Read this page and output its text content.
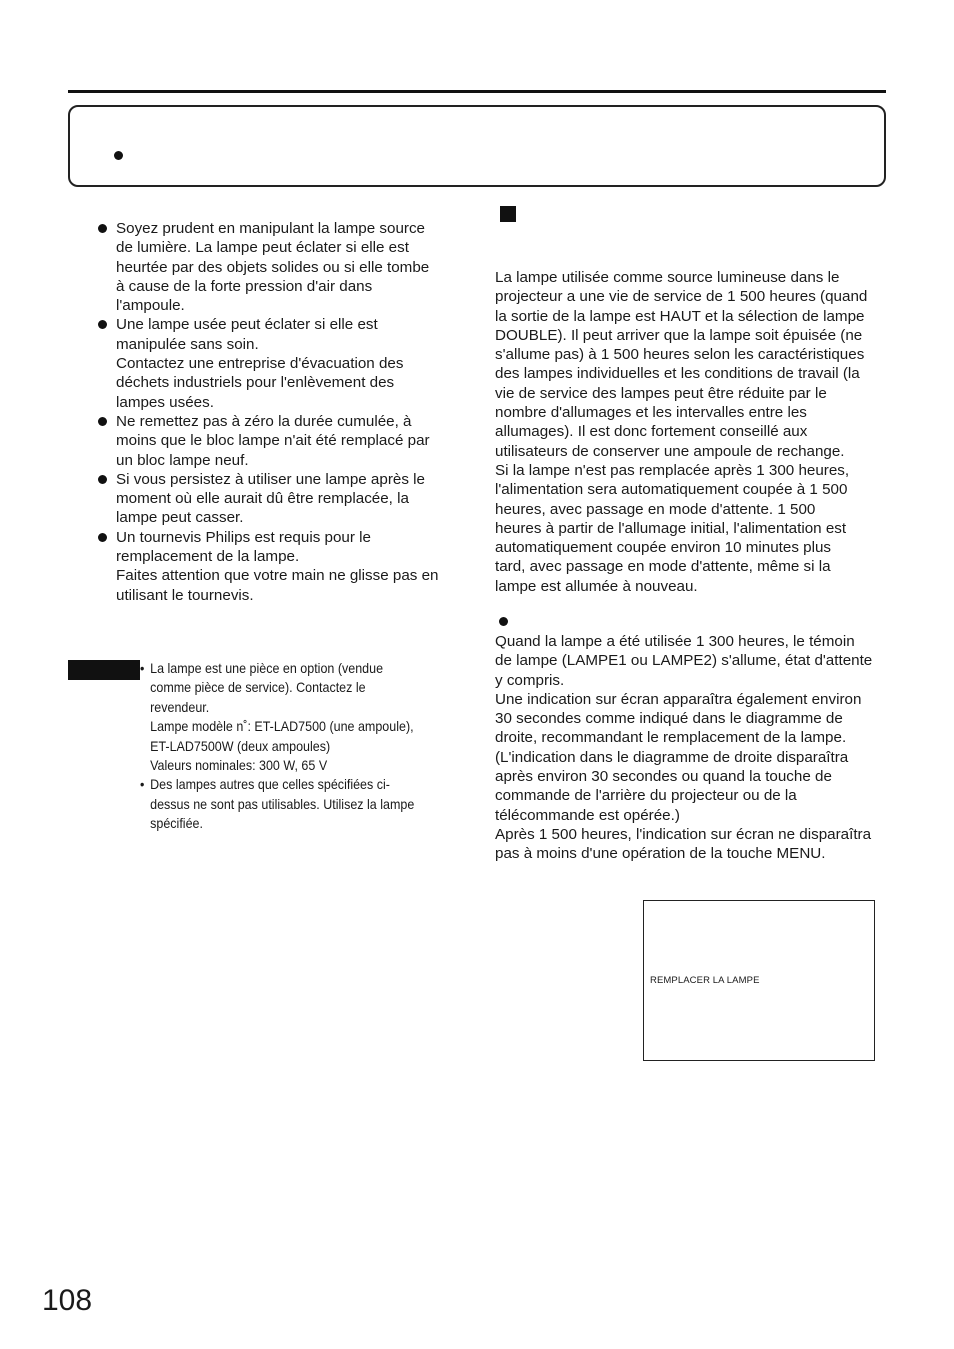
Soyez prudent en manipulant la lampe source

de lumière. La lampe peut éclater si elle est

heurtée par des objets solides ou si elle tombe

à cause de la forte pression d'air dans

l'ampoule.

Une lampe usée peut éclater si elle est

manipulée sans soin.

Contactez une entreprise d'évacuation des

déchets industriels pour l'enlèvement des

lampes usées.

Ne remettez pas à zéro la durée cumulée, à

moins que le bloc lampe n'ait été remplacé par

un bloc lampe neuf.

Si vous persistez à utiliser une lampe après le

moment où elle aurait dû être remplacée, la

lampe peut casser.

Un tournevis Philips est requis pour le

remplacement de la lampe.

Faites attention que votre main ne glisse pas en

utilisant le tournevis.

• La lampe est une pièce en option (vendue

comme pièce de service). Contactez le

revendeur.

Lampe modèle n˚: ET-LAD7500 (une ampoule),

ET-LAD7500W (deux ampoules)

Valeurs nominales: 300 W, 65 V

• Des lampes autres que celles spécifiées ci-

dessus ne sont pas utilisables. Utilisez la lampe

spécifiée.

La lampe utilisée comme source lumineuse dans le

projecteur a une vie de service de 1 500 heures (quand

la sortie de la lampe est HAUT et la sélection de lampe

DOUBLE). Il peut arriver que la lampe soit épuisée (ne

s'allume pas) à 1 500 heures selon les caractéristiques

des lampes individuelles et les conditions de travail (la

vie de service des lampes peut être réduite par le

nombre d'allumages et les intervalles entre les

allumages). Il est donc fortement conseillé aux

utilisateurs de conserver une ampoule de rechange.

Si la lampe n'est pas remplacée après 1 300 heures,

l'alimentation sera automatiquement coupée à 1 500

heures, avec passage en mode d'attente. 1 500

heures à partir de l'allumage initial, l'alimentation est

automatiquement coupée environ 10 minutes plus

tard, avec passage en mode d'attente, même si la

lampe est allumée à nouveau.

Quand la lampe a été utilisée 1 300 heures, le témoin

de lampe (LAMPE1 ou LAMPE2) s'allume, état d'attente

y compris.

Une indication sur écran apparaîtra également environ

30 secondes comme indiqué dans le diagramme de

droite, recommandant le remplacement de la lampe.

(L'indication dans le diagramme de droite disparaîtra

après environ 30 secondes ou quand la touche de

commande de l'arrière du projecteur ou de la

télécommande est opérée.)

Après 1 500 heures, l'indication sur écran ne disparaîtra

pas à moins d'une opération de la touche MENU.

REMPLACER LA LAMPE
108
